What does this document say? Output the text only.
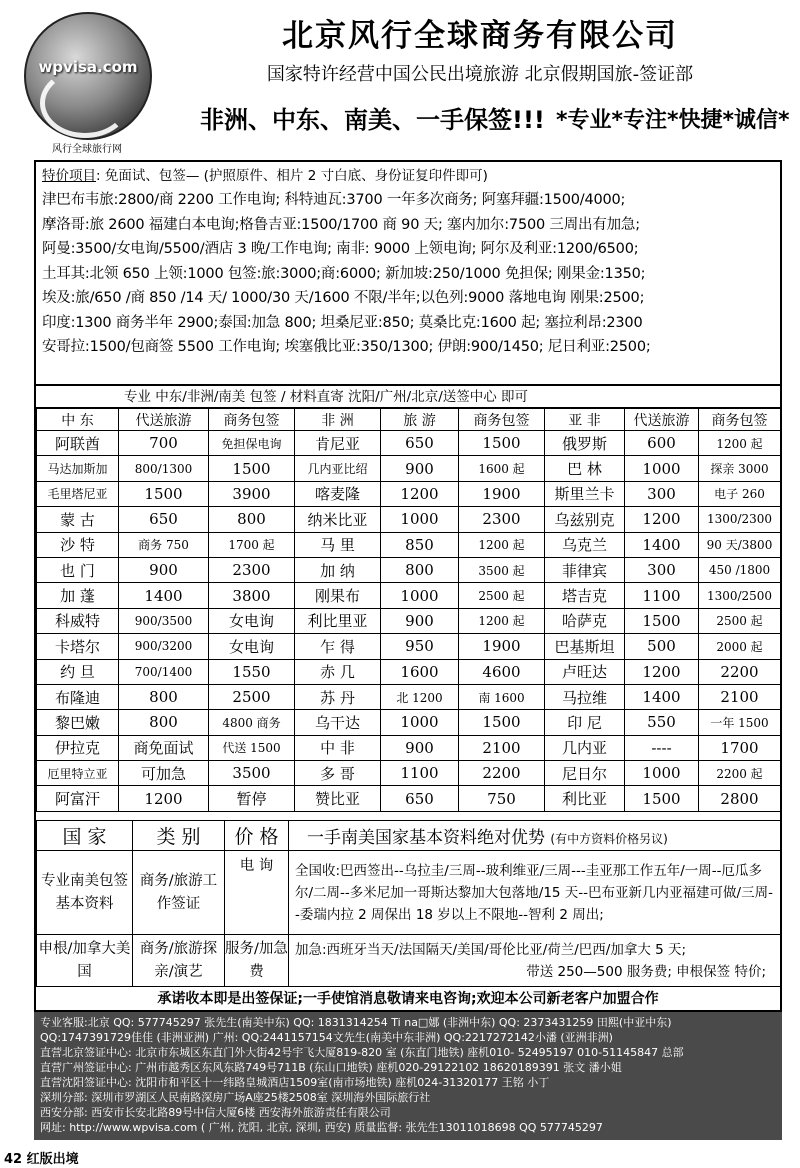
wpvisa.com
风行全球旅行网
北京风行全球商务有限公司
国家特许经营中国公民出境旅游 北京假期国旅-签证部
非洲、中东、南美、一手保签!!! *专业*专注*快捷*诚信*
特价项目: 免面试、包签— (护照原件、相片 2 寸白底、身份证复印件即可)
津巴布韦旅:2800/商 2200 工作电询; 科特迪瓦:3700 一年多次商务; 阿塞拜疆:1500/4000;
摩洛哥:旅 2600 福建白本电询;格鲁吉亚:1500/1700 商 90 天; 塞内加尔:7500 三周出有加急;
阿曼:3500/女电询/5500/酒店 3 晚/工作电询; 南非: 9000 上领电询; 阿尔及利亚:1200/6500;
土耳其:北领 650 上领:1000 包签:旅:3000;商:6000; 新加坡:250/1000 免担保; 刚果金:1350;
埃及:旅/650 /商 850 /14 天/ 1000/30 天/1600 不限/半年;以色列:9000 落地电询 刚果:2500;
印度:1300 商务半年 2900;泰国:加急 800; 坦桑尼亚:850; 莫桑比克:1600 起; 塞拉利昂:2300
安哥拉:1500/包商签 5500 工作电询; 埃塞俄比亚:350/1300; 伊朗:900/1450; 尼日利亚:2500;
专业 中东/非洲/南美 包签 / 材料直寄 沈阳/广州/北京/送签中心 即可
中 东	代送旅游	商务包签	非 洲	旅 游	商务包签	亚 非	代送旅游	商务包签
阿联酋	700	免担保电询	肯尼亚	650	1500	俄罗斯	600	1200 起
马达加斯加	800/1300	1500	几内亚比绍	900	1600 起	巴 林	1000	探亲 3000
毛里塔尼亚	1500	3900	喀麦隆	1200	1900	斯里兰卡	300	电子 260
蒙 古	650	800	纳米比亚	1000	2300	乌兹别克	1200	1300/2300
沙 特	商务 750	1700 起	马 里	850	1200 起	乌克兰	1400	90 天/3800
也 门	900	2300	加 纳	800	3500 起	菲律宾	300	450 /1800
加 蓬	1400	3800	刚果布	1000	2500 起	塔吉克	1100	1300/2500
科威特	900/3500	女电询	利比里亚	900	1200 起	哈萨克	1500	2500 起
卡塔尔	900/3200	女电询	乍 得	950	1900	巴基斯坦	500	2000 起
约 旦	700/1400	1550	赤 几	1600	4600	卢旺达	1200	2200
布隆迪	800	2500	苏 丹	北 1200	南 1600	马拉维	1400	2100
黎巴嫩	800	4800 商务	乌干达	1000	1500	印 尼	550	一年 1500
伊拉克	商免面试	代送 1500	中 非	900	2100	几内亚	----	1700
厄里特立亚	可加急	3500	多 哥	1100	2200	尼日尔	1000	2200 起
阿富汗	1200	暂停	赞比亚	650	750	利比亚	1500	2800
国 家	类 别	价 格	一手南美国家基本资料绝对优势 (有中方资料价格另议)
专业南美包签基本资料	商务/旅游工作签证	电 询	全国收:巴西签出--乌拉圭/三周--玻利维亚/三周---圭亚那工作五年/一周--厄瓜多尔/二周--多米尼加一哥斯达黎加大包落地/15 天--巴布亚新几内亚福建可做/三周--委瑞内拉 2 周保出 18 岁以上不限地--智利 2 周出;
申根/加拿大美国	商务/旅游探亲/演艺	服务/加急费	加急:西班牙当天/法国隔天/美国/哥伦比亚/荷兰/巴西/加拿大 5 天;
带送 250—500 服务费; 申根保签 特价;
承诺收本即是出签保证;一手使馆消息敬请来电咨询;欢迎本公司新老客户加盟合作
专业客服:北京 QQ: 577745297 张先生(南美中东) QQ: 1831314254 Ti na□娜 (非洲中东) QQ: 2373431259 田熙(中亚中东)
QQ:1747391729佳佳 (非洲亚洲) 广州: QQ:2441157154文先生(南美中东非洲) QQ:2217272142小潘 (亚洲非洲)
直营北京签证中心: 北京市东城区东直门外大街42号宇飞大厦819-820 室 (东直门地铁) 座机010- 52495197 010-51145847 总部
直营广州签证中心: 广州市越秀区东风东路749号711B (东山口地铁) 座机020-29122102 18620189391 张文 潘小姐
直营沈阳签证中心: 沈阳市和平区十一纬路皇城酒店1509室(南市场地铁) 座机024-31320177 王铭 小丁
深圳分部: 深圳市罗湖区人民南路深房广场A座25楼2508室 深圳海外国际旅行社
西安分部: 西安市长安北路89号中信大厦6楼 西安海外旅游责任有限公司
网址: http://www.wpvisa.com ( 广州, 沈阳, 北京, 深圳, 西安) 质量监督: 张先生13011018698 QQ 577745297
42 红版出境
